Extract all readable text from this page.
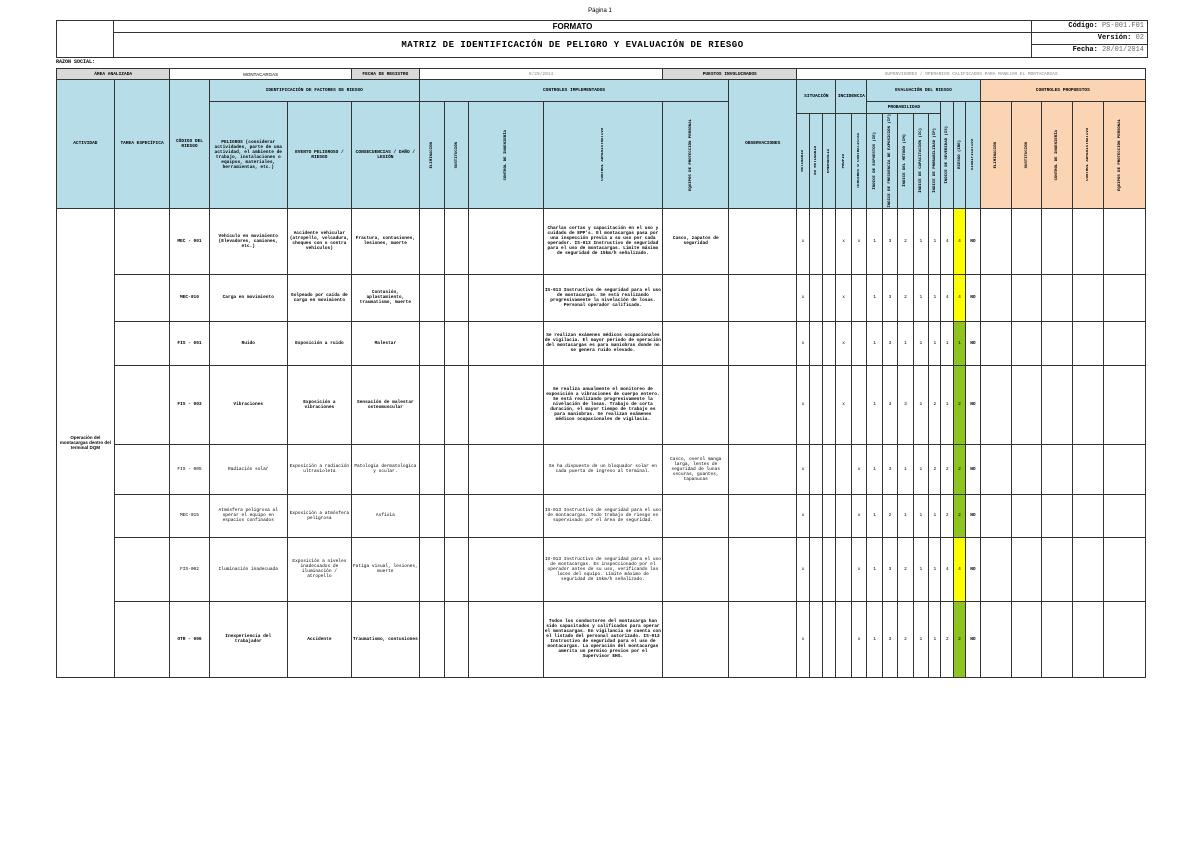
Página 1
FORMATO
MATRIZ DE IDENTIFICACIÓN DE PELIGRO Y EVALUACIÓN DE RIESGO
Código: PS-001.F01
Versión: 02
Fecha: 28/01/2014
RAZON SOCIAL:
ÁREA ANALIZADA		MONTACARGAS			FECHA DE REGISTRO	8/29/2014				PUESTOS INVOLUCRADOS		SUPERVISORES / OPERARIOS CALIFICADOS PARA MANEJAR EL MONTACARGAS																	
ACTIVIDAD	TAREA ESPECÍFICA	CÓDIGO DEL RIESGO	IDENTIFICACIÓN DE FACTORES DE RIESGO			CONTROLES IMPLEMENTADOS					OBSERVACIONES	SITUACIÓN			INCIDENCIA		EVALUACIÓN DEL RIESGO								CONTROLES PROPUESTOS				
			PELIGROS (considerar actividades, parte de una actividad, el ambiente de trabajo, instalaciones o equipos, materiales, herramientas, etc.)	EVENTO PELIGROSO / RIESGO	CONSECUENCIAS / DAÑO / LESIÓN	ELIMINACIÓN	SUSTITUCIÓN	CONTROL DE INGENIERÍA	CONTROL ADMINISTRATIVO	EQUIPOS DE PROTECCIÓN PERSONAL							PROBABILIDAD					ÍNDICE DE SEVERIDAD (IS)	RIESGO (IRE)	SIGNIFICATIVO	ELIMINACIÓN	SUSTITUCIÓN	CONTROL DE INGENIERÍA	CONTROL ADMINISTRATIVO	EQUIPOS DE PROTECCIÓN PERSONAL

												RUTINARIO	NO RUTINARIO	EMERGENCIA	PROPIO	TERCEROS O CONTRATISTAS	ÍNDICE DE EXPUESTOS (IE)	ÍNDICE DE FRECUENCIA DE EXPOSICIÓN (IF)	ÍNDICE DEL MÉTODO (IM)	ÍNDICE DE CAPACITACIÓN (IC)	ÍNDICE DE PROBABILIDAD (IP)								

Operación del montacargas dentro del terminal DQM		MEC - 001	Vehículo en movimiento (Elevadores, camiones, etc.)	Accidente vehicular (atropello, volcadura, choques con o contra vehículos)	Fractura, contusiones, lesiones, muerte				Charlas cortas y capacitación en el uso y cuidado de EPP's. El montacargas pasa por una inspección previa a su uso por cada operador. IS-013 Instructivo de seguridad para el uso de montacargas. Límite máximo de seguridad de 15km/h señalizado.	Casco, zapatos de seguridad		x			x	x	1	3	2	1	1	4	4	NO					
		MEC-010	Carga en movimiento	Golpeado por caída de carga en movimiento	Contusión, aplastamiento, traumatismo, muerte				IS-013 Instructivo de seguridad para el uso de montacargas. Se está realizando progresivamente la nivelación de losas. Personal operador calificado.			x			x		1	3	2	1	1	4	4	NO					
		FIS - 001	Ruido	Exposición a ruido	Malestar				Se realizan exámenes médicos ocupacionales de vigilacia. El mayor periodo de operación del montacargas es para maniobras donde no se genera ruido elevado.			x			x		1	3	1	1	1	1	1	NO					
		FIS - 003	Vibraciones	Exposición a vibraciones	Sensación de malestar osteomuscular				Se realiza anualmente el monitoreo de exposición a vibraciones de cuerpo entero. Se está realizando progresivamente la nivelación de losas. Trabajo de corta duración, el mayor tiempo de trabajo es para maniobras. Se realizan exámenes médicos ocupacionales de vigilacia.			x			x		1	3	3	1	2	1	2	NO					
		FIS - 005	Radiación solar	Exposición a radiación ultravioleta	Patologia dermatologica y ocular.				Se ha dispuesto de un bloquador solar en cada puerta de ingreso al terminal.	Casco, overol manga larga, lentes de seguridad de lunas oscuras, guantes, tapanucas		x				x	1	3	1	1	2	2	2	NO					
		MEC-015	Atmósfera peligrosa al operar el equipo en espacios confinados	Exposición a atmósfera peligrosa	Asfixia				IS-013 Instructivo de seguridad para el uso de montacargas. Todo trabajo de riesgo es supervisado por el área de seguridad.			x				x	1	2	1	1	1	2	2	NO					
		FIS-002	Iluminación inadecuada	Exposición a niveles inadecuados de iluminación / atropello	Fatiga visual, lesiones, muerte				IS-013 Instructivo de seguridad para el uso de montacargas. Es inspeccionado por el operador antes de su uso, verificando las luces del equipo. Límite máximo de seguridad de 15km/h señalizado.			x				x	1	3	2	1	1	4	4	NO					
		OTR - 006	Inexperiencia del trabajador	Accidente	Traumatismo, contusiones				Todos los conductores del montacarga han sido capacitados y calificados para operar el montacargas. En vigilancia se cuenta con el listado del personal autorizado. IS-013 Instructivo de seguridad para el uso de montacargas. La operación del montacargas amerita un permiso previos por el Supervisor EHS.			x				x	1	3	2	1	1	2	2	NO					
